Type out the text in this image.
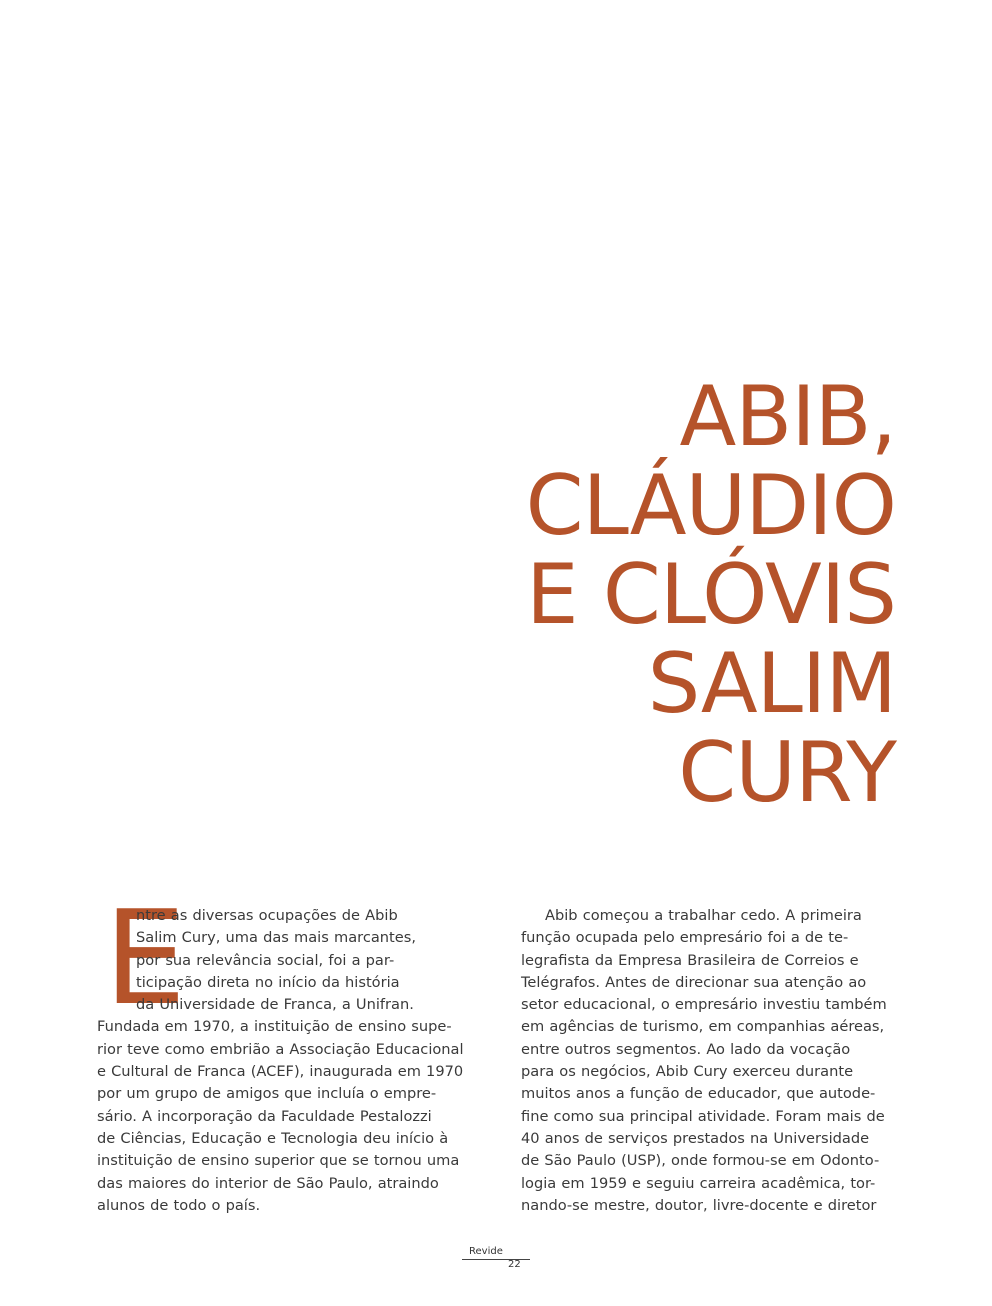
ABIB,
CLÁUDIO
E CLÓVIS
SALIM
CURY
E
ntre as diversas ocupações de Abib
Salim Cury, uma das mais marcantes,
por sua relevância social, foi a par-
ticipação direta no início da história
da Universidade de Franca, a Unifran.
Fundada em 1970, a instituição de ensino supe-
rior teve como embrião a Associação Educacional
e Cultural de Franca (ACEF), inaugurada em 1970
por um grupo de amigos que incluía o empre-
sário. A incorporação da Faculdade Pestalozzi
de Ciências, Educação e Tecnologia deu início à
instituição de ensino superior que se tornou uma
das maiores do interior de São Paulo, atraindo
alunos de todo o país.
Abib começou a trabalhar cedo. A primeira
função ocupada pelo empresário foi a de te-
legrafista da Empresa Brasileira de Correios e
Telégrafos. Antes de direcionar sua atenção ao
setor educacional, o empresário investiu também
em agências de turismo, em companhias aéreas,
entre outros segmentos. Ao lado da vocação
para os negócios, Abib Cury exerceu durante
muitos anos a função de educador, que autode-
fine como sua principal atividade. Foram mais de
40 anos de serviços prestados na Universidade
de São Paulo (USP), onde formou-se em Odonto-
logia em 1959 e seguiu carreira acadêmica, tor-
nando-se mestre, doutor, livre-docente e diretor
Revide
22
